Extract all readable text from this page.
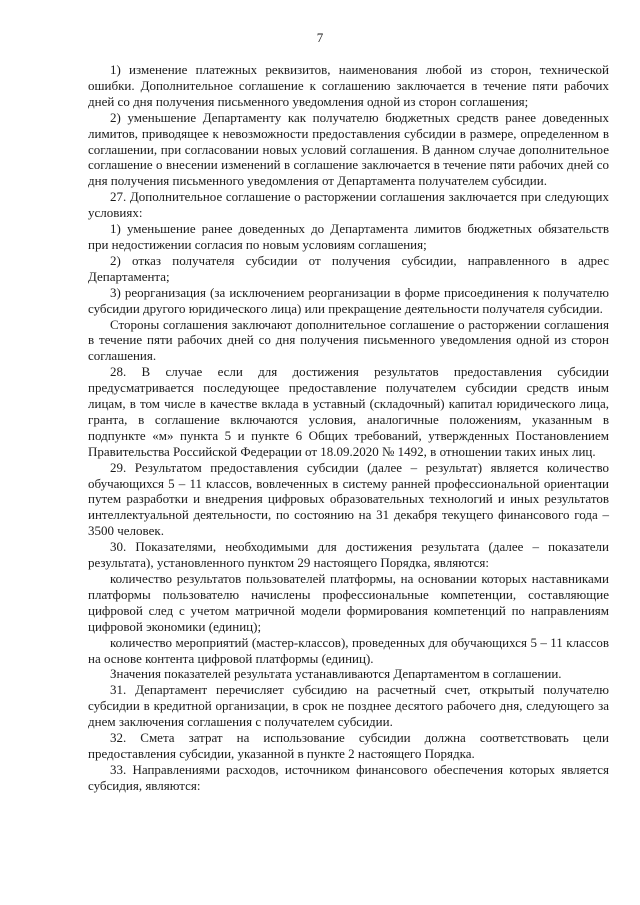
7

1) изменение платежных реквизитов, наименования любой из сторон, технической ошибки. Дополнительное соглашение к соглашению заключается в течение пяти рабочих дней со дня получения письменного уведомления одной из сторон соглашения;

2) уменьшение Департаменту как получателю бюджетных средств ранее доведенных лимитов, приводящее к невозможности предоставления субсидии в размере, определенном в соглашении, при согласовании новых условий соглашения. В данном случае дополнительное соглашение о внесении изменений в соглашение заключается в течение пяти рабочих дней со дня получения письменного уведомления от Департамента получателем субсидии.

27. Дополнительное соглашение о расторжении соглашения заключается при следующих условиях:

1) уменьшение ранее доведенных до Департамента лимитов бюджетных обязательств при недостижении согласия по новым условиям соглашения;

2) отказ получателя субсидии от получения субсидии, направленного в адрес Департамента;

3) реорганизация (за исключением реорганизации в форме присоединения к получателю субсидии другого юридического лица) или прекращение деятельности получателя субсидии.

Стороны соглашения заключают дополнительное соглашение о расторжении соглашения в течение пяти рабочих дней со дня получения письменного уведомления одной из сторон соглашения.

28. В случае если для достижения результатов предоставления субсидии предусматривается последующее предоставление получателем субсидии средств иным лицам, в том числе в качестве вклада в уставный (складочный) капитал юридического лица, гранта, в соглашение включаются условия, аналогичные положениям, указанным в подпункте «м» пункта 5 и пункте 6 Общих требований, утвержденных Постановлением Правительства Российской Федерации от 18.09.2020 № 1492, в отношении таких иных лиц.

29. Результатом предоставления субсидии (далее – результат) является количество обучающихся 5 – 11 классов, вовлеченных в систему ранней профессиональной ориентации путем разработки и внедрения цифровых образовательных технологий и иных результатов интеллектуальной деятельности, по состоянию на 31 декабря текущего финансового года – 3500 человек.

30. Показателями, необходимыми для достижения результата (далее – показатели результата), установленного пунктом 29 настоящего Порядка, являются:

количество результатов пользователей платформы, на основании которых наставниками платформы пользователю начислены профессиональные компетенции, составляющие цифровой след с учетом матричной модели формирования компетенций по направлениям цифровой экономики (единиц);

количество мероприятий (мастер-классов), проведенных для обучающихся 5 – 11 классов на основе контента цифровой платформы (единиц).

Значения показателей результата устанавливаются Департаментом в соглашении.

31. Департамент перечисляет субсидию на расчетный счет, открытый получателю субсидии в кредитной организации, в срок не позднее десятого рабочего дня, следующего за днем заключения соглашения с получателем субсидии.

32. Смета затрат на использование субсидии должна соответствовать цели предоставления субсидии, указанной в пункте 2 настоящего Порядка.

33. Направлениями расходов, источником финансового обеспечения которых является субсидия, являются:
